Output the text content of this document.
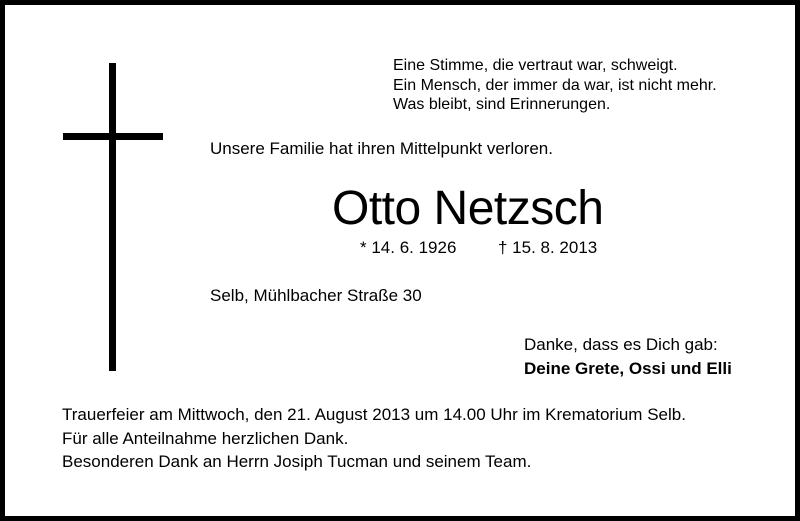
Eine Stimme, die vertraut war, schweigt.
Ein Mensch, der immer da war, ist nicht mehr.
Was bleibt, sind Erinnerungen.
Unsere Familie hat ihren Mittelpunkt verloren.
Otto Netzsch
* 14. 6. 1926 † 15. 8. 2013
Selb, Mühlbacher Straße 30
Danke, dass es Dich gab:
Deine Grete, Ossi und Elli
Trauerfeier am Mittwoch, den 21. August 2013 um 14.00 Uhr im Krematorium Selb.
Für alle Anteilnahme herzlichen Dank.
Besonderen Dank an Herrn Josiph Tucman und seinem Team.
